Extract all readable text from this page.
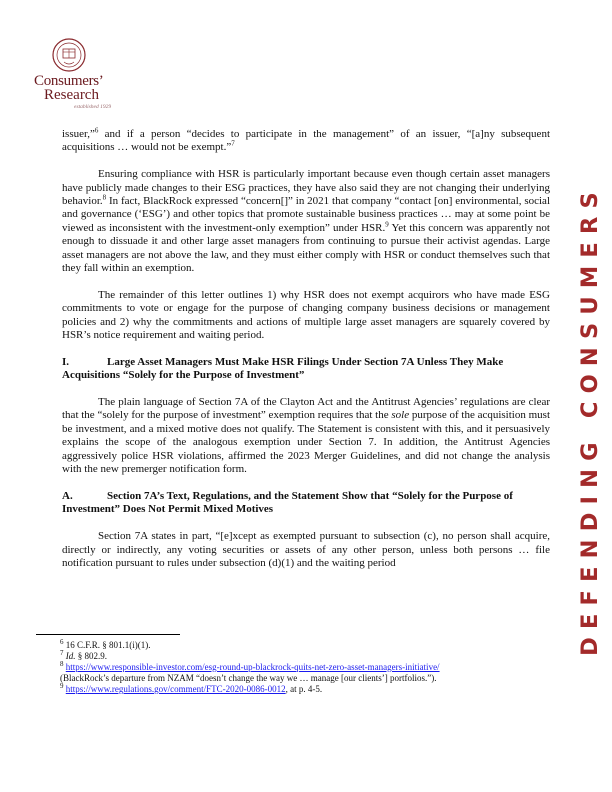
Consumers’
Research
established 1929
DEFENDING CONSUMERS

issuer,”$^6$ and if a person “decides to participate in the management” of an issuer, “[a]ny subsequent acquisitions … would not be exempt.”$^7$

Ensuring compliance with HSR is particularly important because even though certain asset managers have publicly made changes to their ESG practices, they have also said they are not changing their underlying behavior.$^8$ In fact, BlackRock expressed “concern[]” in 2021 that company “contact [on] environmental, social and governance (‘ESG’) and other topics that promote sustainable business practices … may at some point be viewed as inconsistent with the investment-only exemption” under HSR.$^9$ Yet this concern was apparently not enough to dissuade it and other large asset managers from continuing to pursue their activist agendas. Large asset managers are not above the law, and they must either comply with HSR or conduct themselves such that they fall within an exemption.

The remainder of this letter outlines 1) why HSR does not exempt acquirors who have made ESG commitments to vote or engage for the purpose of changing company business decisions or management policies and 2) why the commitments and actions of multiple large asset managers are squarely covered by HSR’s notice requirement and waiting period.

I.	Large Asset Managers Must Make HSR Filings Under Section 7A Unless They Make Acquisitions “Solely for the Purpose of Investment”

The plain language of Section 7A of the Clayton Act and the Antitrust Agencies’ regulations are clear that the “solely for the purpose of investment” exemption requires that the sole purpose of the acquisition must be investment, and a mixed motive does not qualify. The Statement is consistent with this, and it persuasively explains the scope of the analogous exemption under Section 7. In addition, the Antitrust Agencies aggressively police HSR violations, affirmed the 2023 Merger Guidelines, and did not change the analysis with the new premerger notification form.

A.	Section 7A’s Text, Regulations, and the Statement Show that “Solely for the Purpose of Investment” Does Not Permit Mixed Motives

Section 7A states in part, “[e]xcept as exempted pursuant to subsection (c), no person shall acquire, directly or indirectly, any voting securities or assets of any other person, unless both persons … file notification pursuant to rules under subsection (d)(1) and the waiting period

$^6$ 16 C.F.R. § 801.1(i)(1).
$^7$ Id. § 802.9.
$^8$ https://www.responsible-investor.com/esg-round-up-blackrock-quits-net-zero-asset-managers-initiative/
(BlackRock’s departure from NZAM “doesn’t change the way we … manage [our clients’] portfolios.”).
$^9$ https://www.regulations.gov/comment/FTC-2020-0086-0012, at p. 4-5.
